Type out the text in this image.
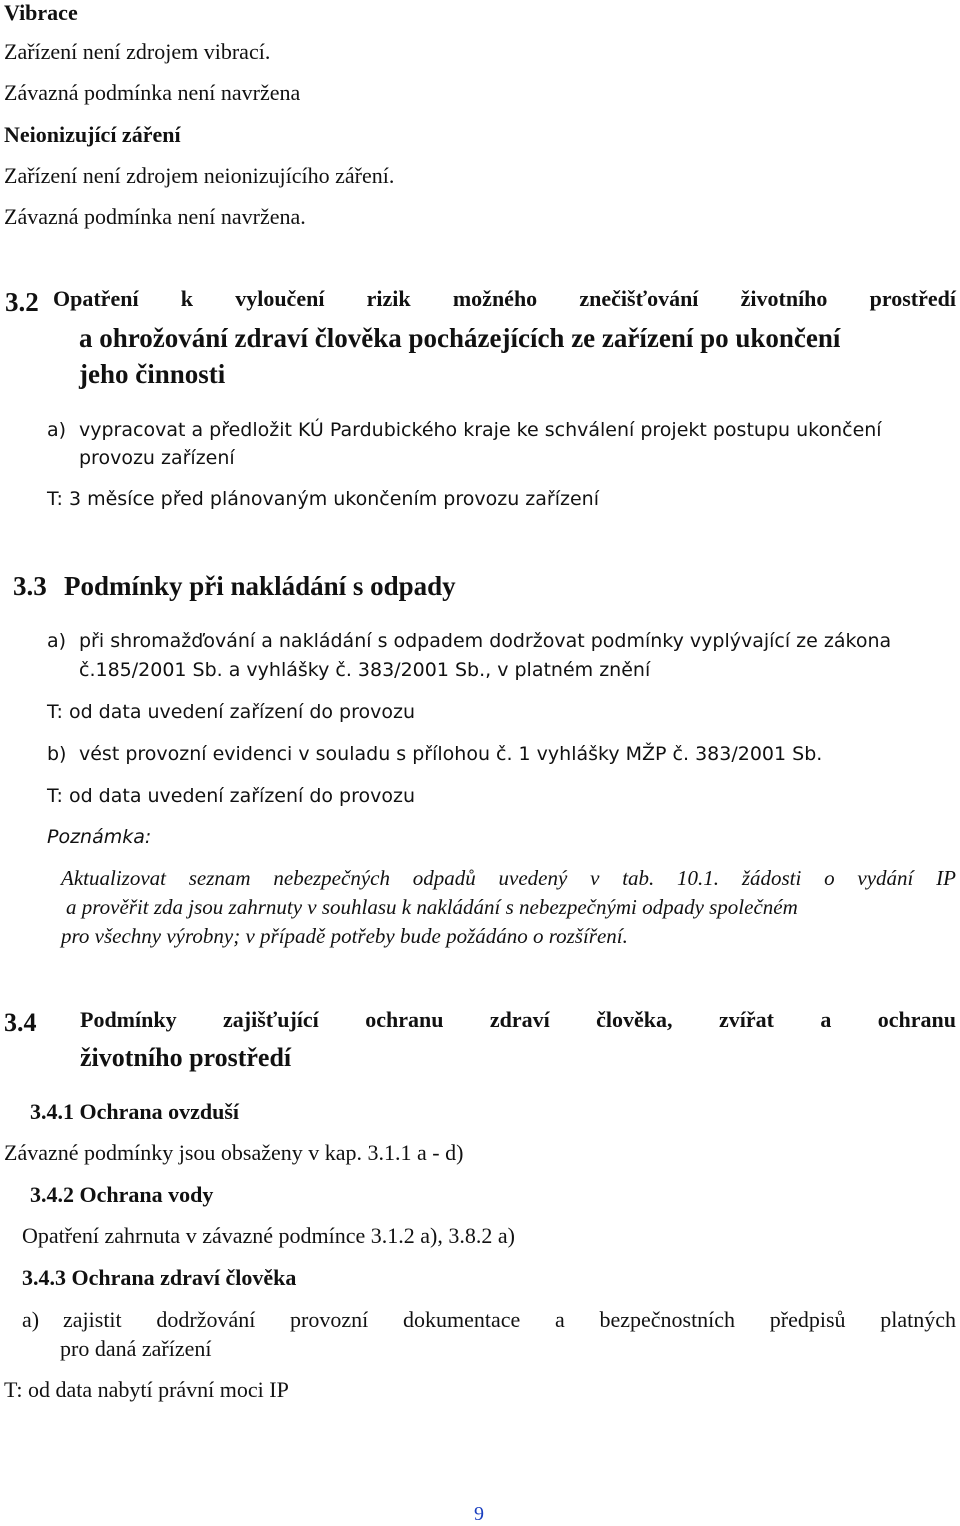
Vibrace
Zařízení není zdrojem vibrací.
Závazná podmínka není navržena
Neionizující záření
Zařízení není zdrojem neionizujícího záření.
Závazná podmínka není navržena.
3.2 Opatření k vyloučení rizik možného znečišťování životního prostředí
a ohrožování zdraví člověka pocházejících ze zařízení po ukončení
jeho činnosti
a) vypracovat a předložit KÚ Pardubického kraje ke schválení projekt postupu ukončení
provozu zařízení
T: 3 měsíce před plánovaným ukončením provozu zařízení
3.3 Podmínky při nakládání s odpady
a) při shromažďování a nakládání s odpadem dodržovat podmínky vyplývající ze zákona
č.185/2001 Sb. a vyhlášky č. 383/2001 Sb., v platném znění
T: od data uvedení zařízení do provozu
b) vést provozní evidenci v souladu s přílohou č. 1 vyhlášky MŽP č. 383/2001 Sb.
T: od data uvedení zařízení do provozu
Poznámka:
Aktualizovat seznam nebezpečných odpadů uvedený v tab. 10.1. žádosti o vydání IP
a prověřit zda jsou zahrnuty v souhlasu k nakládání s nebezpečnými odpady společném
pro všechny výrobny; v případě potřeby bude požádáno o rozšíření.
3.4 Podmínky zajišťující ochranu zdraví člověka, zvířat a ochranu
životního prostředí
3.4.1 Ochrana ovzduší
Závazné podmínky jsou obsaženy v kap. 3.1.1 a - d)
3.4.2 Ochrana vody
Opatření zahrnuta v závazné podmínce 3.1.2 a), 3.8.2 a)
3.4.3 Ochrana zdraví člověka
a) zajistit dodržování provozní dokumentace a bezpečnostních předpisů platných
pro daná zařízení
T: od data nabytí právní moci IP
9
